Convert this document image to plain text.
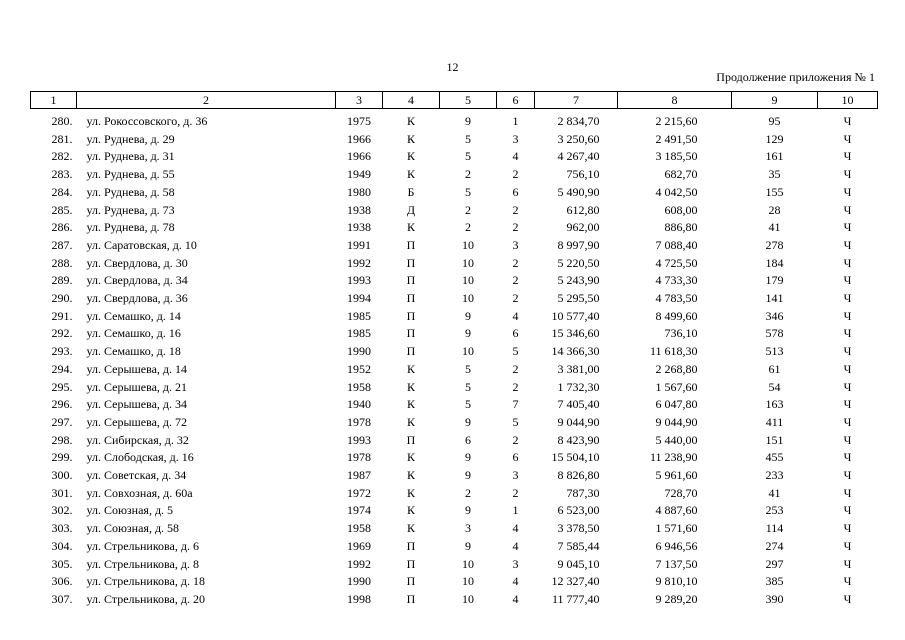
12
Продолжение приложения № 1
1	2	3	4	5	6	7	8	9	10
280.	ул. Рокоссовского, д. 36	1975	К	9	1	2 834,70	2 215,60	95	Ч
281.	ул. Руднева, д. 29	1966	К	5	3	3 250,60	2 491,50	129	Ч
282.	ул. Руднева, д. 31	1966	К	5	4	4 267,40	3 185,50	161	Ч
283.	ул. Руднева, д. 55	1949	К	2	2	756,10	682,70	35	Ч
284.	ул. Руднева, д. 58	1980	Б	5	6	5 490,90	4 042,50	155	Ч
285.	ул. Руднева, д. 73	1938	Д	2	2	612,80	608,00	28	Ч
286.	ул. Руднева, д. 78	1938	К	2	2	962,00	886,80	41	Ч
287.	ул. Саратовская, д. 10	1991	П	10	3	8 997,90	7 088,40	278	Ч
288.	ул. Свердлова, д. 30	1992	П	10	2	5 220,50	4 725,50	184	Ч
289.	ул. Свердлова, д. 34	1993	П	10	2	5 243,90	4 733,30	179	Ч
290.	ул. Свердлова, д. 36	1994	П	10	2	5 295,50	4 783,50	141	Ч
291.	ул. Семашко, д. 14	1985	П	9	4	10 577,40	8 499,60	346	Ч
292.	ул. Семашко, д. 16	1985	П	9	6	15 346,60	736,10	578	Ч
293.	ул. Семашко, д. 18	1990	П	10	5	14 366,30	11 618,30	513	Ч
294.	ул. Серышева, д. 14	1952	К	5	2	3 381,00	2 268,80	61	Ч
295.	ул. Серышева, д. 21	1958	К	5	2	1 732,30	1 567,60	54	Ч
296.	ул. Серышева, д. 34	1940	К	5	7	7 405,40	6 047,80	163	Ч
297.	ул. Серышева, д. 72	1978	К	9	5	9 044,90	9 044,90	411	Ч
298.	ул. Сибирская, д. 32	1993	П	6	2	8 423,90	5 440,00	151	Ч
299.	ул. Слободская, д. 16	1978	К	9	6	15 504,10	11 238,90	455	Ч
300.	ул. Советская, д. 34	1987	К	9	3	8 826,80	5 961,60	233	Ч
301.	ул. Совхозная, д. 60а	1972	К	2	2	787,30	728,70	41	Ч
302.	ул. Союзная, д. 5	1974	К	9	1	6 523,00	4 887,60	253	Ч
303.	ул. Союзная, д. 58	1958	К	3	4	3 378,50	1 571,60	114	Ч
304.	ул. Стрельникова, д. 6	1969	П	9	4	7 585,44	6 946,56	274	Ч
305.	ул. Стрельникова, д. 8	1992	П	10	3	9 045,10	7 137,50	297	Ч
306.	ул. Стрельникова, д. 18	1990	П	10	4	12 327,40	9 810,10	385	Ч
307.	ул. Стрельникова, д. 20	1998	П	10	4	11 777,40	9 289,20	390	Ч
